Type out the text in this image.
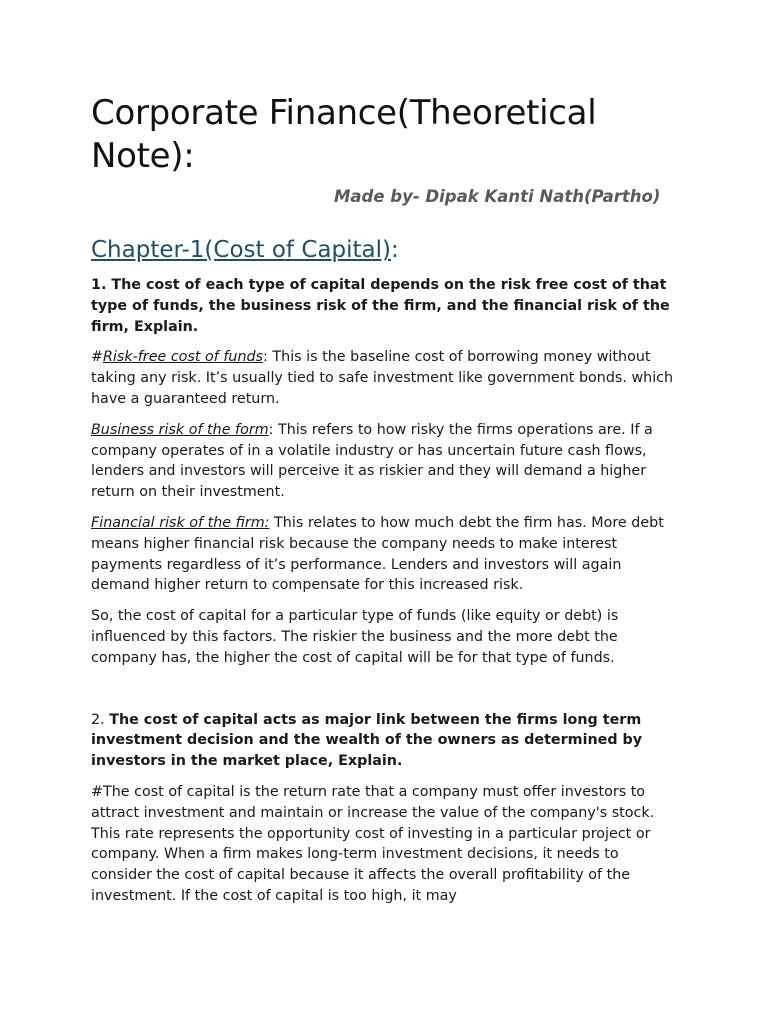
Corporate Finance(Theoretical Note):
Made by- Dipak Kanti Nath(Partho)
Chapter-1(Cost of Capital):

1. The cost of each type of capital depends on the risk free cost of that type of funds, the business risk of the firm, and the financial risk of the firm, Explain.

#Risk-free cost of funds: This is the baseline cost of borrowing money without taking any risk. It’s usually tied to safe investment like government bonds. which have a guaranteed return.

Business risk of the form: This refers to how risky the firms operations are. If a company operates of in a volatile industry or has uncertain future cash flows, lenders and investors will perceive it as riskier and they will demand a higher return on their investment.

Financial risk of the firm: This relates to how much debt the firm has. More debt means higher financial risk because the company needs to make interest payments regardless of it’s performance. Lenders and investors will again demand higher return to compensate for this increased risk.

So, the cost of capital for a particular type of funds (like equity or debt) is influenced by this factors. The riskier the business and the more debt the company has, the higher the cost of capital will be for that type of funds.

2. The cost of capital acts as major link between the firms long term investment decision and the wealth of the owners as determined by investors in the market place, Explain.

#The cost of capital is the return rate that a company must offer investors to attract investment and maintain or increase the value of the company's stock. This rate represents the opportunity cost of investing in a particular project or company. When a firm makes long-term investment decisions, it needs to consider the cost of capital because it affects the overall profitability of the investment. If the cost of capital is too high, it may
